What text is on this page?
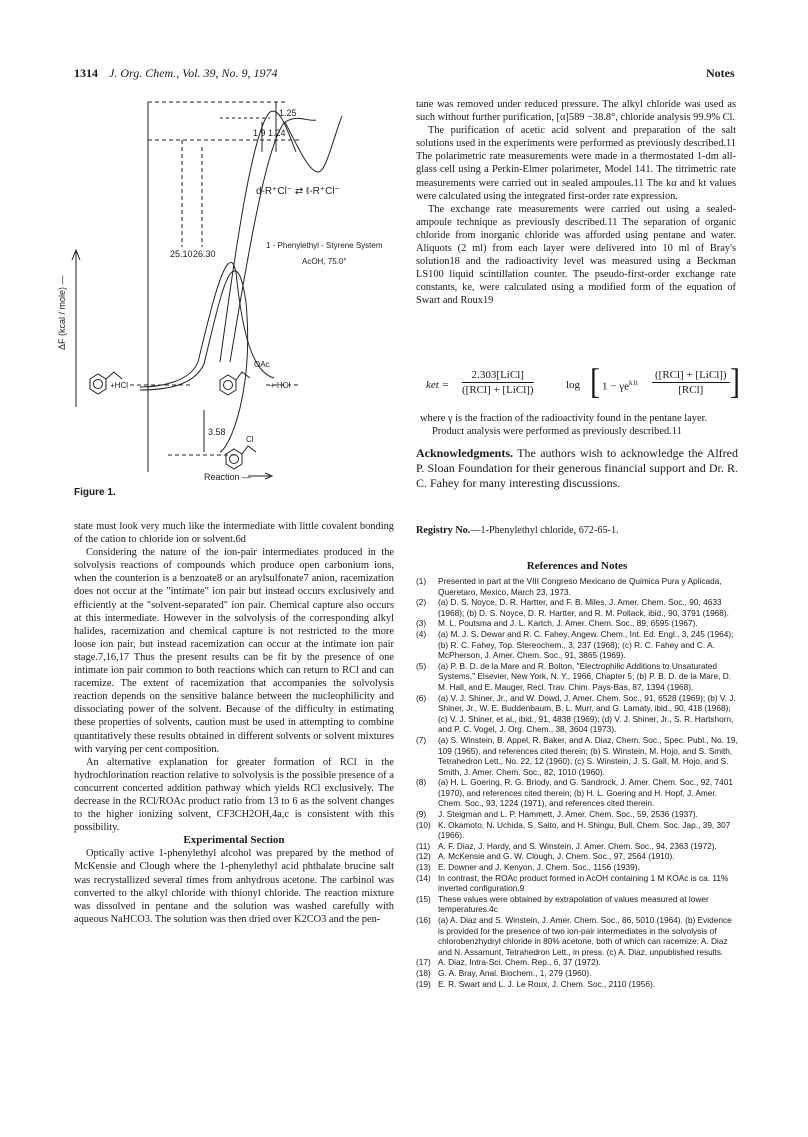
1314 J. Org. Chem., Vol. 39, No. 9, 1974	Notes
1.25
1.9 1.24
d-R⁺Cl⁻ ⇄ ℓ-R⁺Cl⁻
25.10 26.30
1 - Phenylethyl - Styrene System
AcOH, 75.0°
+HCl
OAc
+ HCl
3.58
Cl
Reaction —
ΔF (kcal / mole) —
Figure 1.

state must look very much like the intermediate with little covalent bonding of the cation to chloride ion or solvent.6d

Considering the nature of the ion-pair intermediates produced in the solvolysis reactions of compounds which produce open carbonium ions, when the counterion is a benzoate8 or an arylsulfonate7 anion, racemization does not occur at the "intimate" ion pair but instead occurs exclusively and efficiently at the "solvent-separated" ion pair. Chemical capture also occurs at this intermediate. However in the solvolysis of the corresponding alkyl halides, racemization and chemical capture is not restricted to the more loose ion pair, but instead racemization can occur at the intimate ion pair stage.7,16,17 Thus the present results can be fit by the presence of one intimate ion pair common to both reactions which can return to RCl and can racemize. The extent of racemization that accompanies the solvolysis reaction depends on the sensitive balance between the nucleophilicity and dissociating power of the solvent. Because of the difficulty in estimating these properties of solvents, caution must be used in attempting to combine quantitatively these results obtained in different solvents or solvent mixtures with varying per cent composition.

An alternative explanation for greater formation of RCl in the hydrochlorination reaction relative to solvolysis is the possible presence of a concurrent concerted addition pathway which yields RCl exclusively. The decrease in the RCl/ROAc product ratio from 13 to 6 as the solvent changes to the higher ionizing solvent, CF3CH2OH,4a,c is consistent with this possibility.

Experimental Section

Optically active 1-phenylethyl alcohol was prepared by the method of McKensie and Clough where the 1-phenylethyl acid phthalate brucine salt was recrystallized several times from anhydrous acetone. The carbinol was converted to the alkyl chloride with thionyl chloride. The reaction mixture was dissolved in pentane and the solution was washed carefully with aqueous NaHCO3. The solution was then dried over K2CO3 and the pen-

tane was removed under reduced pressure. The alkyl chloride was used as such without further purification, [α]589 −38.8°, chloride analysis 99.9% Cl.

The purification of acetic acid solvent and preparation of the salt solutions used in the experiments were performed as previously described.11 The polarimetric rate measurements were made in a thermostated 1-dm all-glass cell using a Perkin-Elmer polarimeter, Model 141. The titrimetric rate measurements were carried out in sealed ampoules.11 The kα and kt values were calculated using the integrated first-order rate expression.

The exchange rate measurements were carried out using a sealed-ampoule technique as previously described.11 The separation of organic chloride from inorganic chloride was afforded using pentane and water. Aliquots (2 ml) from each layer were delivered into 10 ml of Bray's solution18 and the radioactivity level was measured using a Beckman LS100 liquid scintillation counter. The pseudo-first-order exchange rate constants, ke, were calculated using a modified form of the equation of Swart and Roux19

ket =
2.303[LiCl]
([RCl] + [LiCl])	log [ $1 - \gamma e^{k1t}$
([RCl] + [LiCl])
[RCl] ]

where γ is the fraction of the radioactivity found in the pentane layer.

Product analysis were performed as previously described.11

Acknowledgments. The authors wish to acknowledge the Alfred P. Sloan Foundation for their generous financial support and Dr. R. C. Fahey for many interesting discussions.
Registry No.—1-Phenylethyl chloride, 672-65-1.
References and Notes
(1)	Presented in part at the VIII Congreso Mexicano de Quimica Pura y Aplicada, Queretaro, Mexico, March 23, 1973.
(2)	(a) D. S. Noyce, D. R. Hartter, and F. B. Miles, J. Amer. Chem. Soc., 90, 4633 (1968); (b) D. S. Noyce, D. R. Hartter, and R. M. Pollack, ibid., 90, 3791 (1968).
(3)	M. L. Poutsma and J. L. Kartch, J. Amer. Chem. Soc., 89, 6595 (1967).
(4)	(a) M. J. S. Dewar and R. C. Fahey, Angew. Chem., Int. Ed. Engl., 3, 245 (1964); (b) R. C. Fahey, Top. Stereochem., 3, 237 (1968); (c) R. C. Fahey and C. A. McPherson, J. Amer. Chem. Soc., 91, 3865 (1969).
(5)	(a) P. B. D. de la Mare and R. Bolton, "Electrophilic Additions to Unsaturated Systems," Elsevier, New York, N. Y., 1966, Chapter 5; (b) P. B. D. de la Mare, D. M. Hall, and E. Mauger, Recl. Trav. Chim. Pays-Bas, 87, 1394 (1968).
(6)	(a) V. J. Shiner, Jr., and W. Dowd, J. Amer. Chem. Soc., 91, 6528 (1969); (b) V. J. Shiner, Jr., W. E. Buddenbaum, B. L. Murr, and G. Lamaty, ibid., 90, 418 (1968); (c) V. J. Shiner, et al., ibid., 91, 4838 (1969); (d) V. J. Shiner, Jr., S. R. Hartshorn, and P. C. Vogel, J. Org. Chem., 38, 3604 (1973).
(7)	(a) S. Winstein, B. Appel, R. Baker, and A. Diaz, Chem. Soc., Spec. Publ., No. 19, 109 (1965), and references cited therein; (b) S. Winstein, M. Hojo, and S. Smith, Tetrahedron Lett., No. 22, 12 (1960); (c) S. Winstein, J. S. Gall, M. Hojo, and S. Smith, J. Amer. Chem. Soc., 82, 1010 (1960).
(8)	(a) H. L. Goering, R. G. Briody, and G. Sandrock, J. Amer. Chem. Soc., 92, 7401 (1970), and references cited therein; (b) H. L. Goering and H. Hopf, J. Amer. Chem. Soc., 93, 1224 (1971), and references cited therein.
(9)	J. Steigman and L. P. Hammett, J. Amer. Chem. Soc., 59, 2536 (1937).
(10) K. Okamoto, N. Uchida, S. Saito, and H. Shingu, Bull. Chem. Soc. Jap., 39, 307 (1966).
(11) A. F. Diaz, J. Hardy, and S. Winstein, J. Amer. Chem. Soc., 94, 2363 (1972).
(12) A. McKensie and G. W. Clough, J. Chem. Soc., 97, 2564 (1910).
(13) E. Downer and J. Kenyon, J. Chem. Soc., 1156 (1939).
(14) In contrast, the ROAc product formed in AcOH containing 1 M KOAc is ca. 11% inverted configuration.9
(15) These values were obtained by extrapolation of values measured at lower temperatures.4c
(16) (a) A. Diaz and S. Winstein, J. Amer. Chem. Soc., 86, 5010 (1964). (b) Evidence is provided for the presence of two ion-pair intermediates in the solvolysis of chlorobenzhydryl chloride in 80% acetone, both of which can racemize: A. Diaz and N. Assamunt, Tetrahedron Lett., in press. (c) A. Diaz, unpublished results.
(17) A. Diaz, Intra-Sci. Chem. Rep., 6, 37 (1972).
(18) G. A. Bray, Anal. Biochem., 1, 279 (1960).
(19) E. R. Swart and L. J. Le Roux, J. Chem. Soc., 2110 (1956).
